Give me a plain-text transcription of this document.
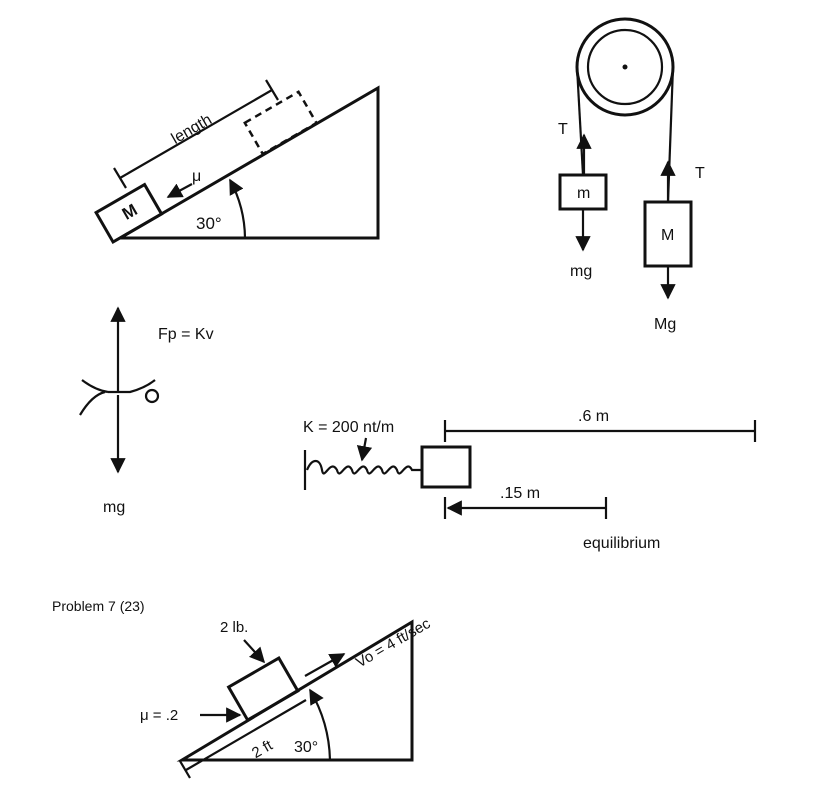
M
length
μ
30°
T
T
m
M
mg
Mg
Fp = Kv
mg
K = 200 nt/m
.6 m
.15 m
equilibrium
Problem 7 (23)
2 lb.	Vo = 4 ft/sec
μ = .2
2 ft 30°
